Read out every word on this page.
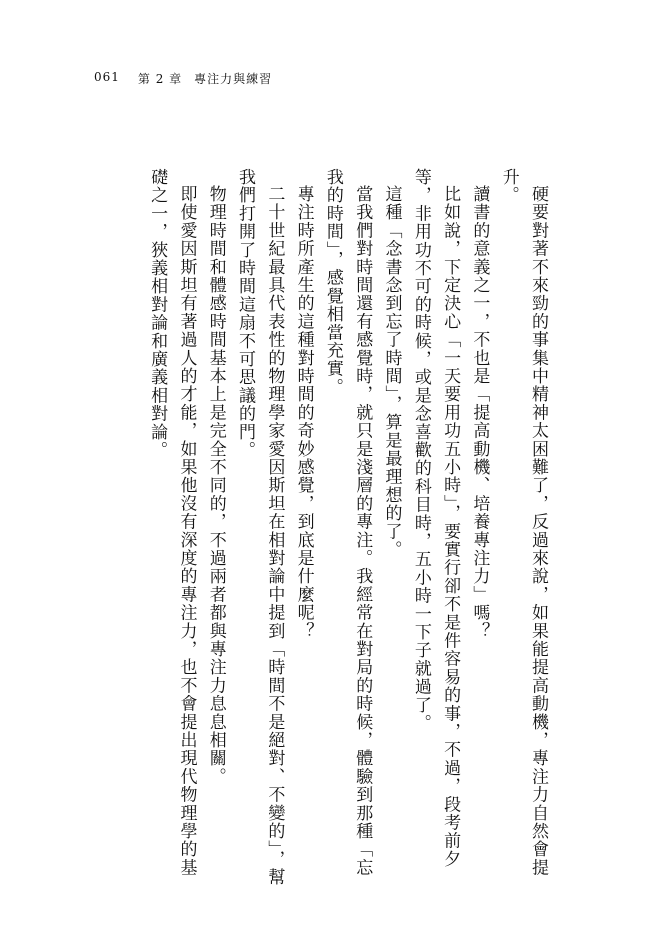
061 第 2 章 專注力與練習

硬要對著不來勁的事集中精神太困難了，反過來說，如果能提高動機，專注力自然會提升。

讀書的意義之一，不也是「提高動機、培養專注力」嗎？

比如說，下定決心「一天要用功五小時」，要實行卻不是件容易的事，不過，段考前夕等，非用功不可的時候，或是念喜歡的科目時，五小時一下子就過了。

這種「念書念到忘了時間」，算是最理想的了。

當我們對時間還有感覺時，就只是淺層的專注。我經常在對局的時候，體驗到那種「忘我的時間」，感覺相當充實。

專注時所產生的這種對時間的奇妙感覺，到底是什麼呢？

二十世紀最具代表性的物理學家愛因斯坦在相對論中提到「時間不是絕對、不變的」，幫我們打開了時間這扇不可思議的門。

物理時間和體感時間基本上是完全不同的，不過兩者都與專注力息息相關。

即使愛因斯坦有著過人的才能，如果他沒有深度的專注力，也不會提出現代物理學的基礎之一，狹義相對論和廣義相對論。
